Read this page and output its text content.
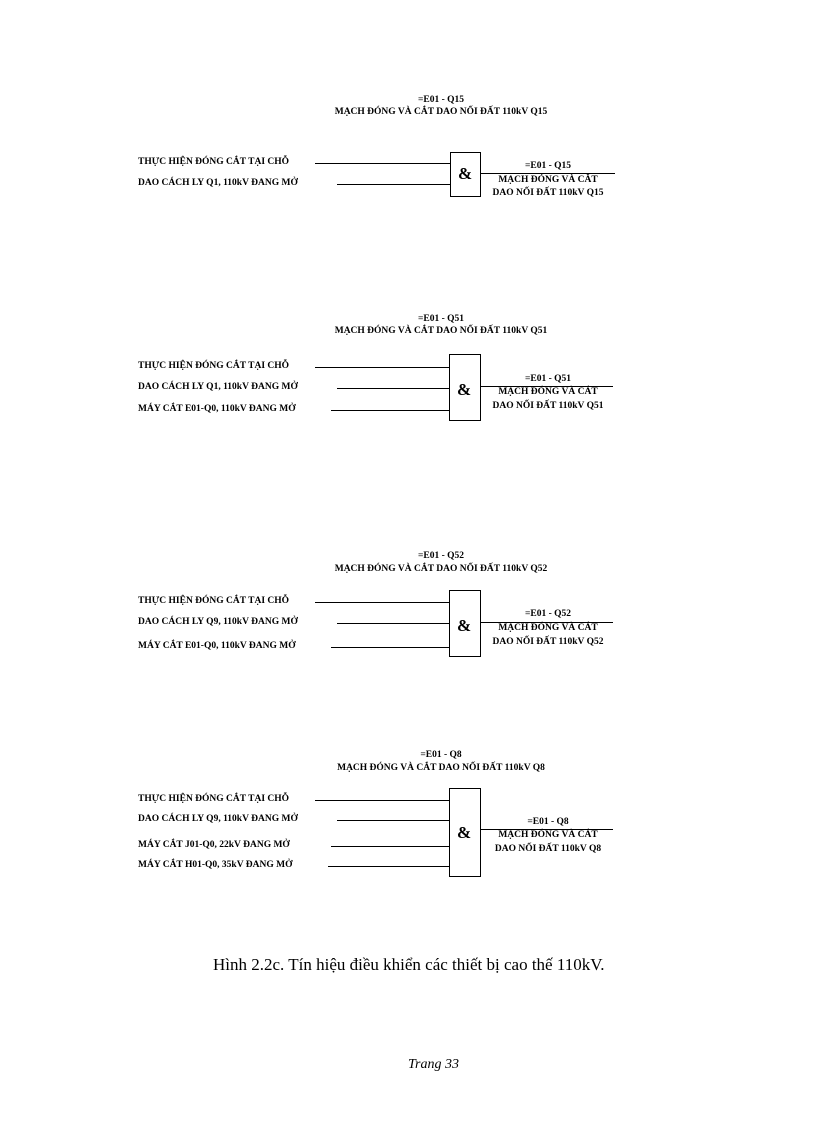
=E01 - Q15
MẠCH ĐÓNG VÀ CẮT DAO NỐI ĐẤT 110kV Q15
THỰC HIỆN ĐÓNG CẮT TẠI CHỖ
DAO CÁCH LY Q1, 110kV ĐANG MỞ	&	=E01 - Q15
MẠCH ĐÓNG VÀ CẮT
DAO NỐI ĐẤT 110kV Q15
=E01 - Q51
MẠCH ĐÓNG VÀ CẮT DAO NỐI ĐẤT 110kV Q51
THỰC HIỆN ĐÓNG CẮT TẠI CHỖ
DAO CÁCH LY Q1, 110kV ĐANG MỞ
MÁY CẮT E01-Q0, 110kV ĐANG MỞ
&
=E01 - Q51
MẠCH ĐÓNG VÀ CẮT
DAO NỐI ĐẤT 110kV Q51
=E01 - Q52
MẠCH ĐÓNG VÀ CẮT DAO NỐI ĐẤT 110kV Q52
THỰC HIỆN ĐÓNG CẮT TẠI CHỖ
DAO CÁCH LY Q9, 110kV ĐANG MỞ
MÁY CẮT E01-Q0, 110kV ĐANG MỞ
&
=E01 - Q52
MẠCH ĐÓNG VÀ CẮT
DAO NỐI ĐẤT 110kV Q52
=E01 - Q8
MẠCH ĐÓNG VÀ CẮT DAO NỐI ĐẤT 110kV Q8
THỰC HIỆN ĐÓNG CẮT TẠI CHỖ
DAO CÁCH LY Q9, 110kV ĐANG MỞ
MÁY CẮT J01-Q0, 22kV ĐANG MỞ
MÁY CẮT H01-Q0, 35kV ĐANG MỞ
&
=E01 - Q8
MẠCH ĐÓNG VÀ CẮT
DAO NỐI ĐẤT 110kV Q8
Hình 2.2c. Tín hiệu điều khiển các thiết bị cao thế 110kV.
Trang 33
